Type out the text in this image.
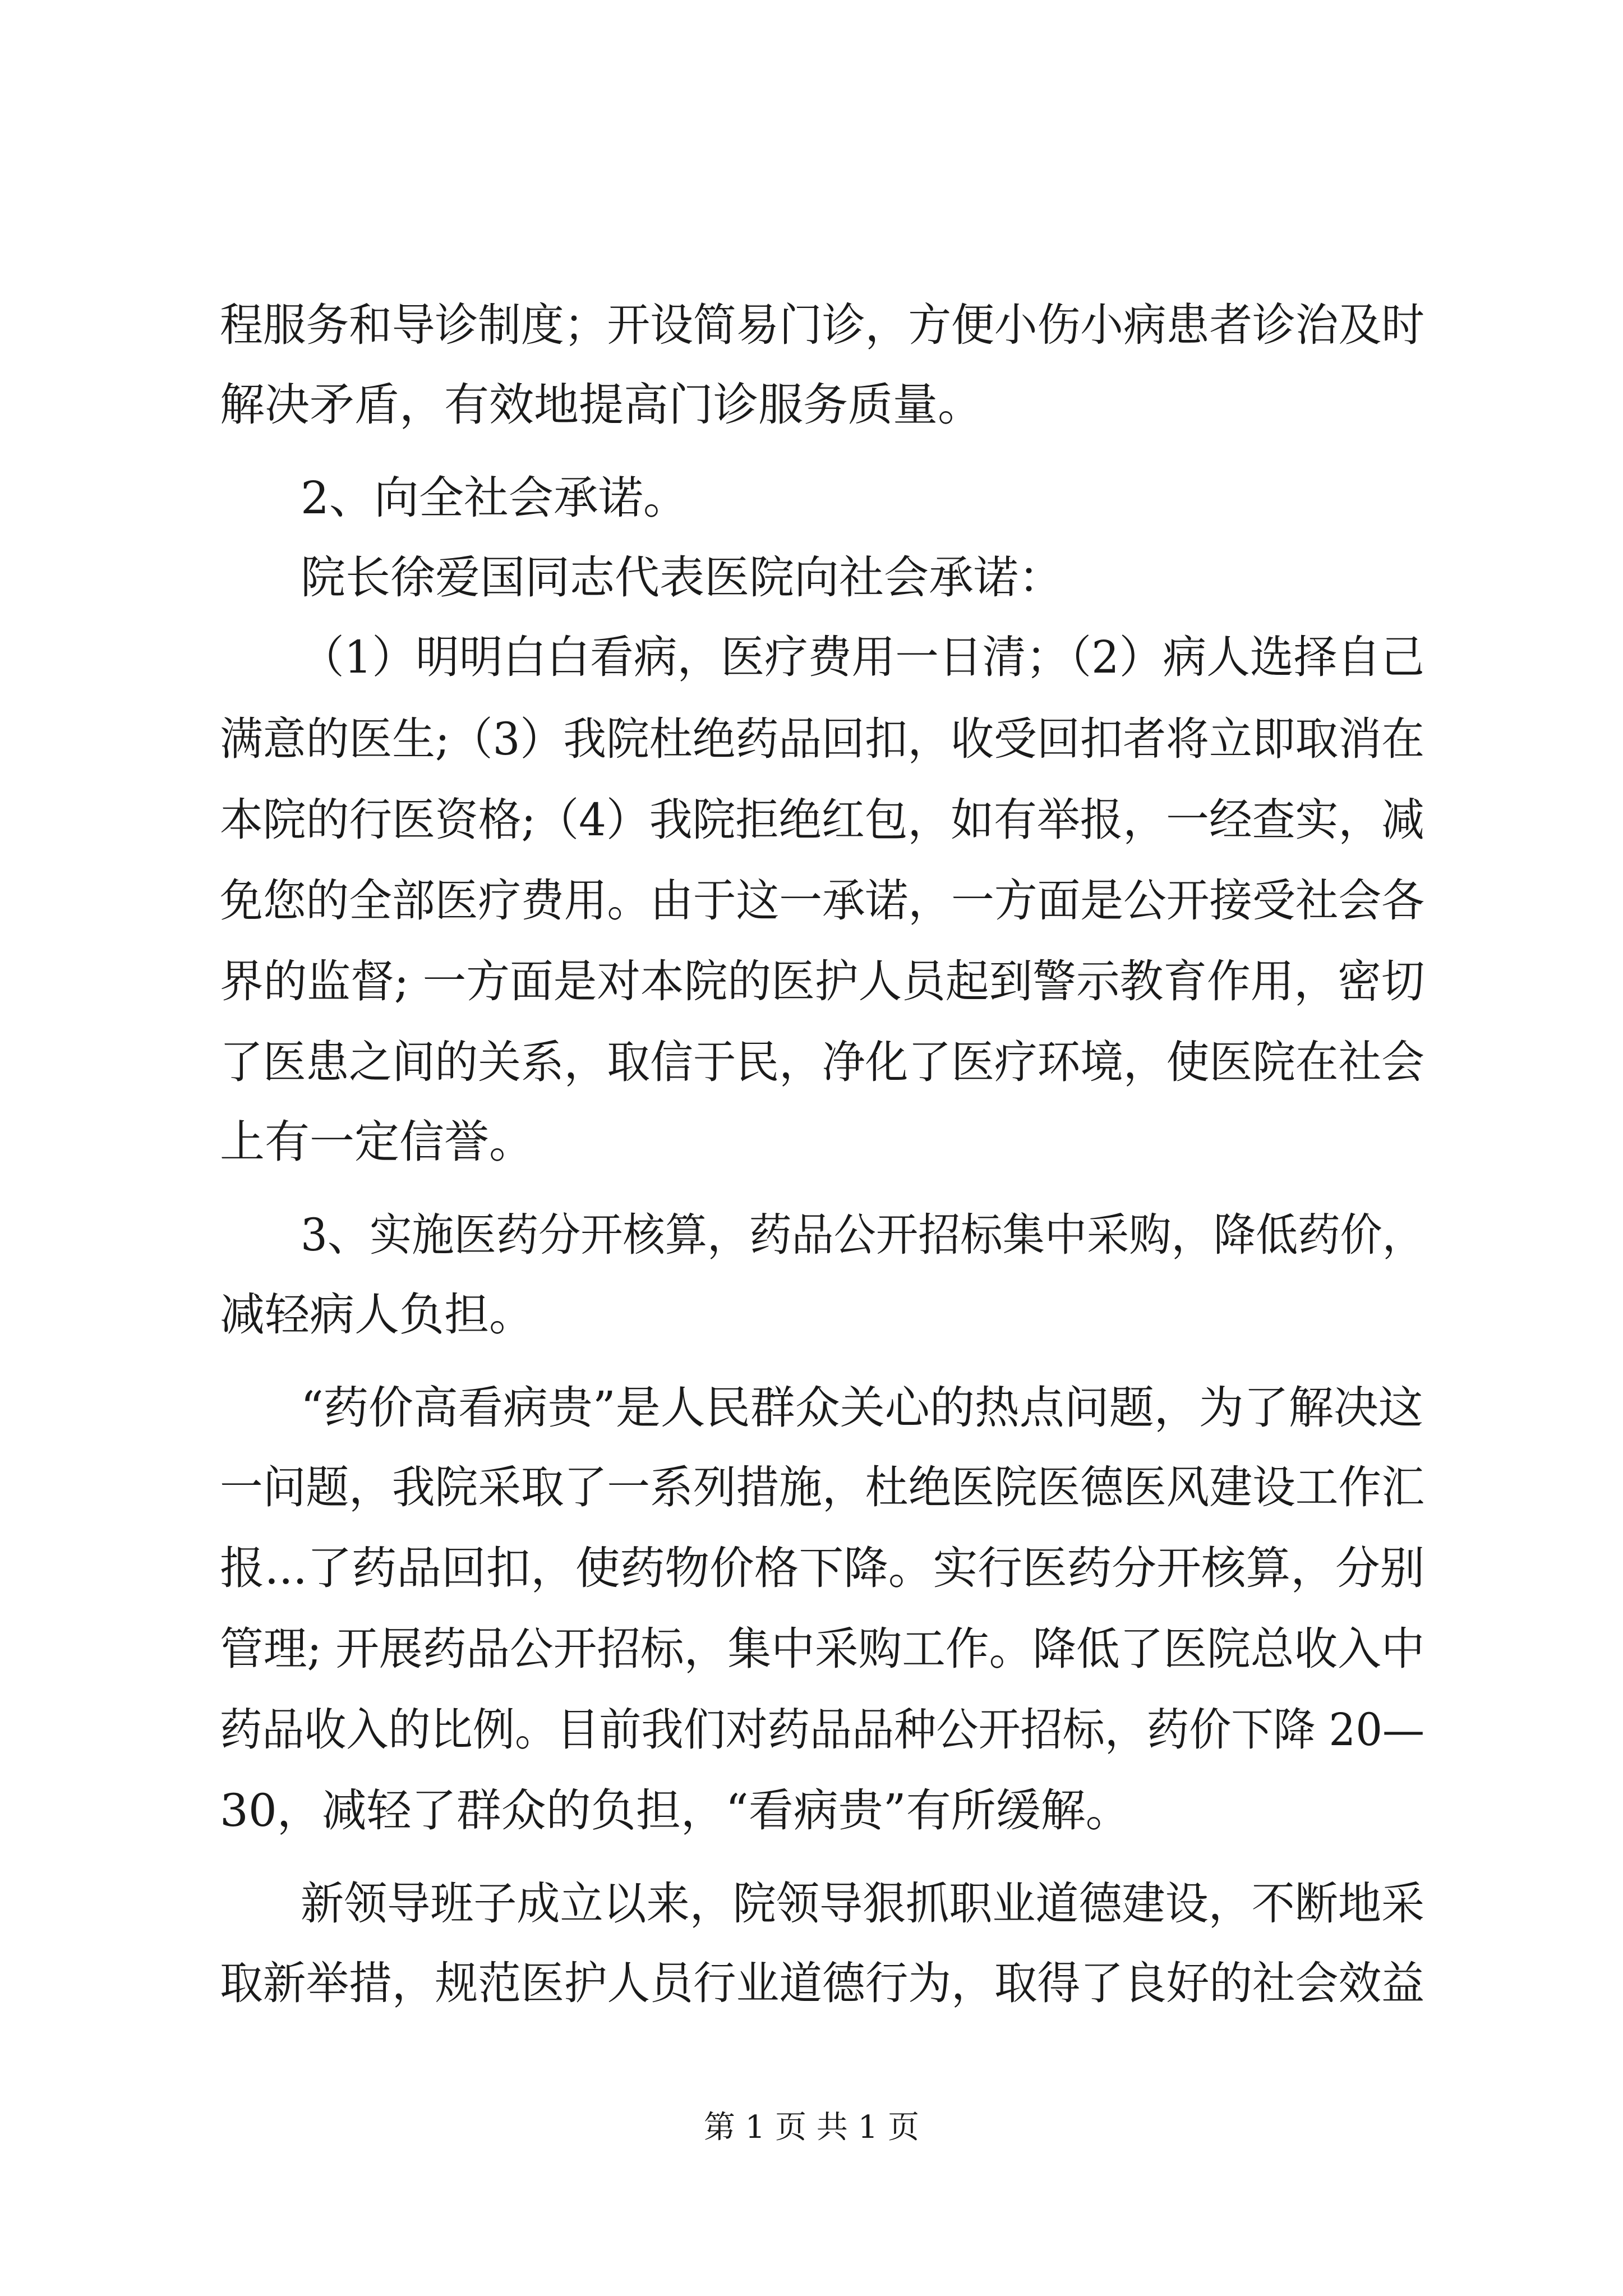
程服务和导诊制度；开设简易门诊，方便小伤小病患者诊治及时
解决矛盾，有效地提高门诊服务质量。
2、向全社会承诺。
院长徐爱国同志代表医院向社会承诺：
（1）明明白白看病，医疗费用一日清；（2）病人选择自己
满意的医生;（3）我院杜绝药品回扣，收受回扣者将立即取消在
本院的行医资格;（4）我院拒绝红包，如有举报，一经查实，减
免您的全部医疗费用。由于这一承诺，一方面是公开接受社会各
界的监督; 一方面是对本院的医护人员起到警示教育作用，密切
了医患之间的关系，取信于民，净化了医疗环境，使医院在社会
上有一定信誉。
3、实施医药分开核算，药品公开招标集中采购，降低药价，
减轻病人负担。
“药价高看病贵”是人民群众关心的热点问题，为了解决这
一问题，我院采取了一系列措施，杜绝医院医德医风建设工作汇
报...了药品回扣，使药物价格下降。实行医药分开核算，分别
管理; 开展药品公开招标，集中采购工作。降低了医院总收入中
药品收入的比例。目前我们对药品品种公开招标，药价下降 20—
30，减轻了群众的负担，“看病贵”有所缓解。
新领导班子成立以来，院领导狠抓职业道德建设，不断地采
取新举措，规范医护人员行业道德行为，取得了良好的社会效益
第 1 页 共 1 页
